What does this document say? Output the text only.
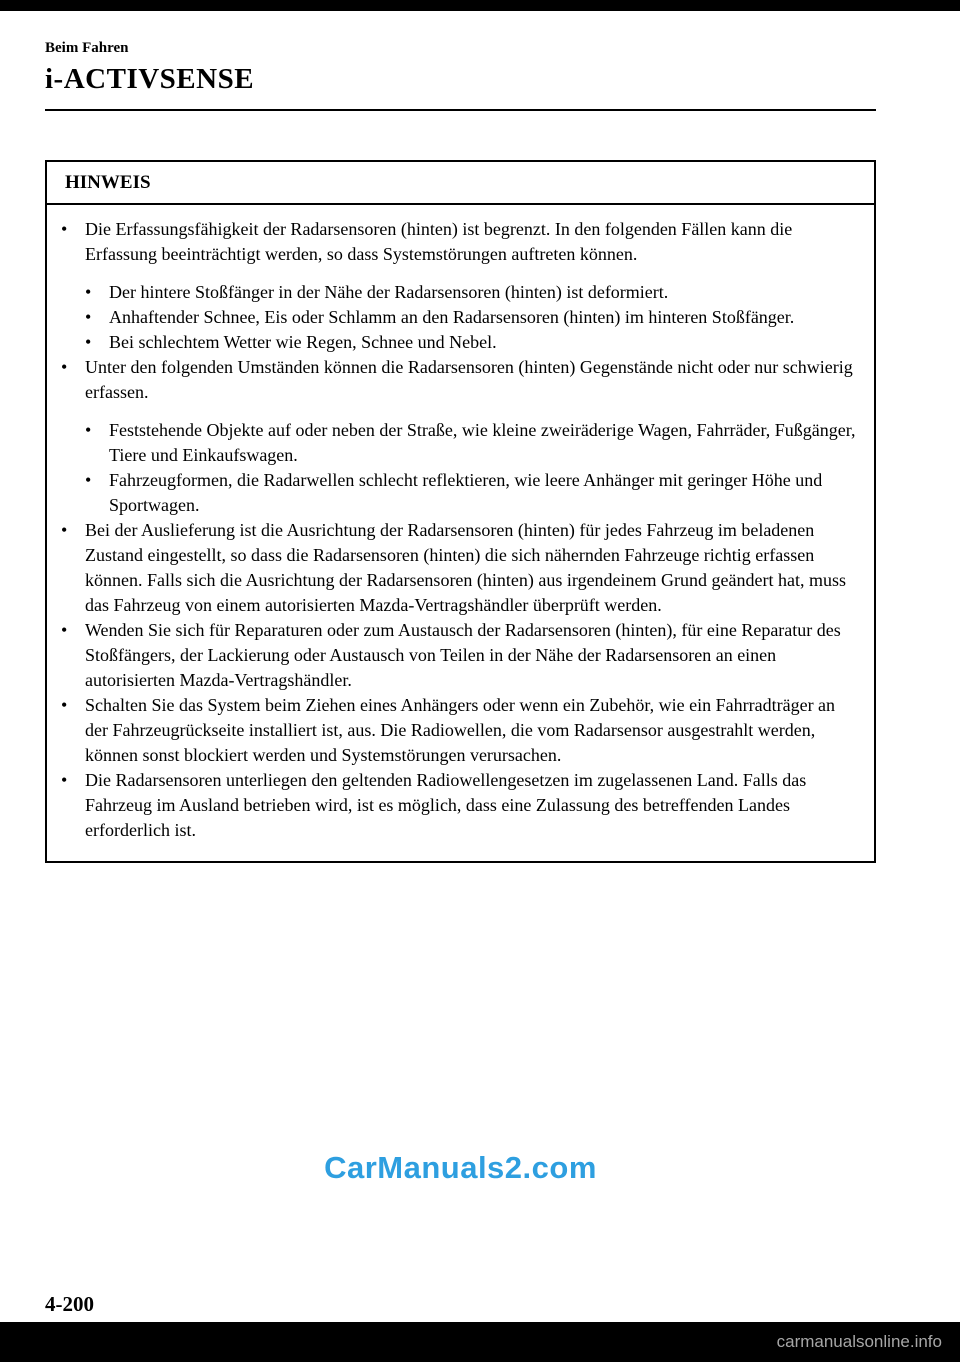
Beim Fahren
i-ACTIVSENSE
HINWEIS
• Die Erfassungsfähigkeit der Radarsensoren (hinten) ist begrenzt. In den folgenden Fällen kann die Erfassung beeinträchtigt werden, so dass Systemstörungen auftreten können.
• Der hintere Stoßfänger in der Nähe der Radarsensoren (hinten) ist deformiert.
• Anhaftender Schnee, Eis oder Schlamm an den Radarsensoren (hinten) im hinteren Stoßfänger.
• Bei schlechtem Wetter wie Regen, Schnee und Nebel.
• Unter den folgenden Umständen können die Radarsensoren (hinten) Gegenstände nicht oder nur schwierig erfassen.
• Feststehende Objekte auf oder neben der Straße, wie kleine zweiräderige Wagen, Fahrräder, Fußgänger, Tiere und Einkaufswagen.
• Fahrzeugformen, die Radarwellen schlecht reflektieren, wie leere Anhänger mit geringer Höhe und Sportwagen.
• Bei der Auslieferung ist die Ausrichtung der Radarsensoren (hinten) für jedes Fahrzeug im beladenen Zustand eingestellt, so dass die Radarsensoren (hinten) die sich nähernden Fahrzeuge richtig erfassen können. Falls sich die Ausrichtung der Radarsensoren (hinten) aus irgendeinem Grund geändert hat, muss das Fahrzeug von einem autorisierten Mazda-Vertragshändler überprüft werden.
• Wenden Sie sich für Reparaturen oder zum Austausch der Radarsensoren (hinten), für eine Reparatur des Stoßfängers, der Lackierung oder Austausch von Teilen in der Nähe der Radarsensoren an einen autorisierten Mazda-Vertragshändler.
• Schalten Sie das System beim Ziehen eines Anhängers oder wenn ein Zubehör, wie ein Fahrradträger an der Fahrzeugrückseite installiert ist, aus. Die Radiowellen, die vom Radarsensor ausgestrahlt werden, können sonst blockiert werden und Systemstörungen verursachen.
• Die Radarsensoren unterliegen den geltenden Radiowellengesetzen im zugelassenen Land. Falls das Fahrzeug im Ausland betrieben wird, ist es möglich, dass eine Zulassung des betreffenden Landes erforderlich ist.
CarManuals2.com
4-200
carmanualsonline.info
